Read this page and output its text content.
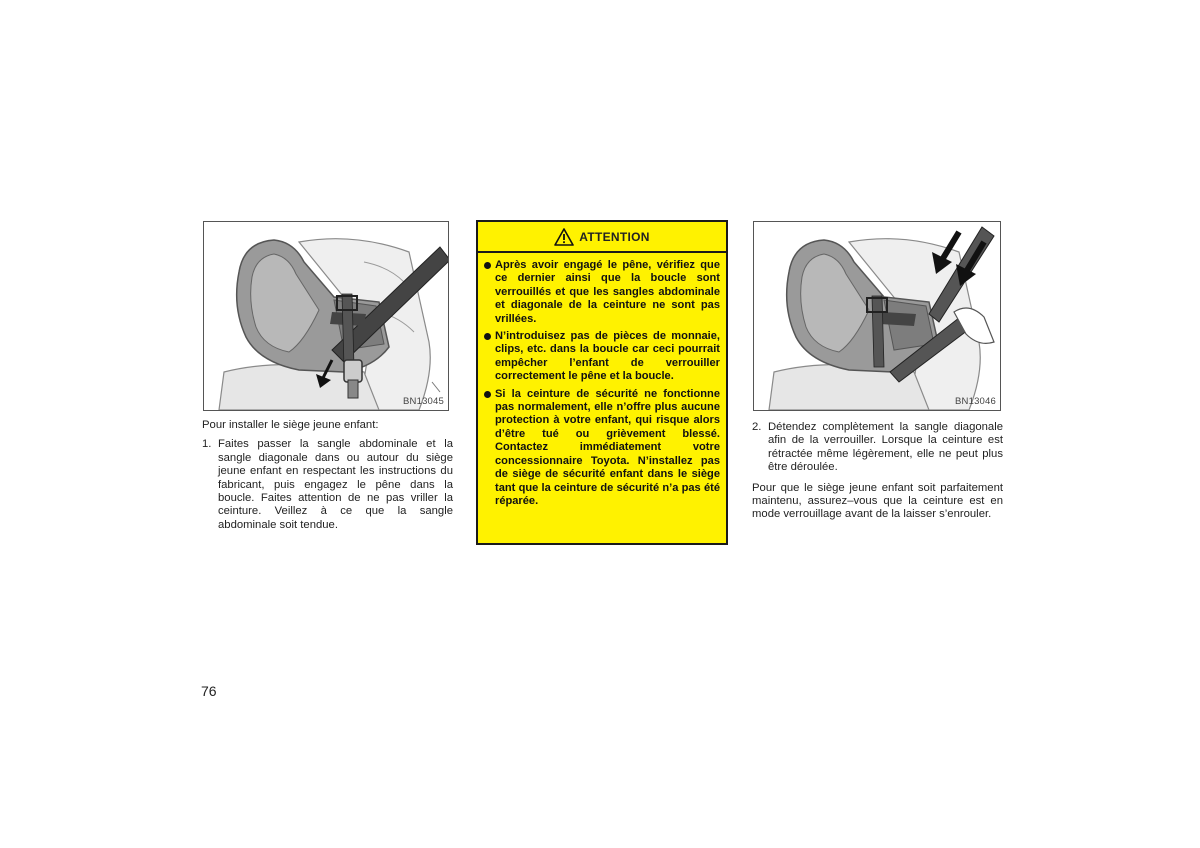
BN13045

Pour installer le siège jeune enfant:

1. Faites passer la sangle abdominale et la sangle diagonale dans ou autour du siège jeune enfant en respectant les instructions du fabricant, puis engagez le pêne dans la boucle. Faites attention de ne pas vriller la ceinture. Veillez à ce que la sangle abdominale soit tendue.
ATTENTION
Après avoir engagé le pêne, vérifiez que ce dernier ainsi que la boucle sont verrouillés et que les sangles abdominale et diagonale de la ceinture ne sont pas vrillées.
N’introduisez pas de pièces de monnaie, clips, etc. dans la boucle car ceci pourrait empêcher l’enfant de verrouiller correctement le pêne et la boucle.
Si la ceinture de sécurité ne fonctionne pas normalement, elle n’offre plus aucune protection à votre enfant, qui risque alors d’être tué ou grièvement blessé. Contactez immédiatement votre concessionnaire Toyota. N’installez pas de siège de sécurité enfant dans le siège tant que la ceinture de sécurité n’a pas été réparée.
BN13046
2. Détendez complètement la sangle diagonale afin de la verrouiller. Lorsque la ceinture est rétractée même légèrement, elle ne peut plus être déroulée.

Pour que le siège jeune enfant soit parfaitement maintenu, assurez–vous que la ceinture est en mode verrouillage avant de la laisser s’enrouler.

76
